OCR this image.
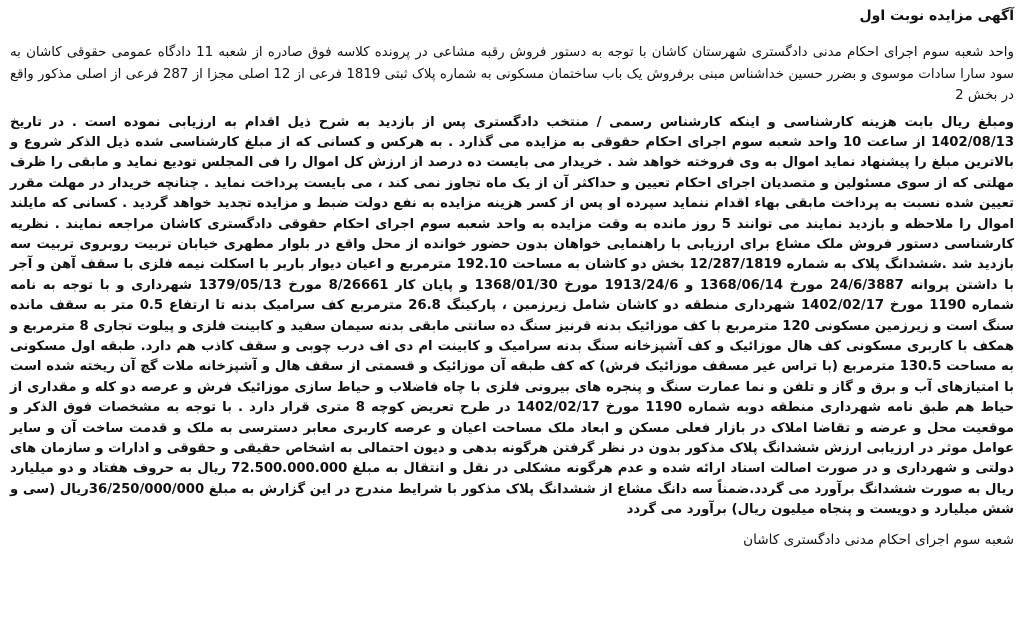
آگهی مزایده نوبت اول

واحد شعبه سوم اجرای احکام مدنی دادگستری شهرستان کاشان با توجه به دستور فروش رقبه مشاعی در پرونده کلاسه فوق صادره از شعبه 11 دادگاه عمومی حقوقی کاشان به سود سارا سادات موسوی و بضرر حسین خداشناس مبنی برفروش یک باب ساختمان مسکونی به شماره پلاک ثبتی 1819 فرعی از 12 اصلی مجزا از 287 فرعی از اصلی مذکور واقع در بخش 2

ومبلغ ریال بابت هزینه کارشناسی و اینکه کارشناس رسمی / منتخب دادگستری پس از بازدید به شرح ذیل اقدام به ارزیابی نموده است . در تاریخ 1402/08/13 از ساعت 10 واحد شعبه سوم اجرای احکام حقوقی به مزایده می گذارد . به هرکس و کسانی که از مبلغ کارشناسی شده ذیل الذکر شروع و بالاترین مبلغ را پیشنهاد نماید اموال به وی فروخته خواهد شد . خریدار می بایست ده درصد از ارزش کل اموال را فی المجلس تودیع نماید و مابقی را ظرف مهلتی که از سوی مسئولین و متصدیان اجرای احکام تعیین و حداکثر آن از یک ماه تجاوز نمی کند ، می بایست پرداخت نماید . چنانچه خریدار در مهلت مقرر تعیین شده نسبت به پرداخت مابقی بهاء اقدام ننماید سپرده او پس از کسر هزینه مزایده به نفع دولت ضبط و مزایده تجدید خواهد گردید . کسانی که مایلند اموال را ملاحظه و بازدید نمایند می توانند 5 روز مانده به وقت مزایده به واحد شعبه سوم اجرای احکام حقوقی دادگستری کاشان مراجعه نمایند . نظریه کارشناسی دستور فروش ملک مشاع برای ارزیابی با راهنمایی خواهان بدون حضور خوانده از محل واقع در بلوار مطهری خیابان تربیت روبروی تربیت سه بازدید شد .ششدانگ پلاک به شماره 12/287/1819 بخش دو کاشان به مساحت 192.10 مترمربع و اعیان دیوار باربر با اسکلت نیمه فلزی با سقف آهن و آجر با داشتن پروانه 24/6/3887 مورخ 1368/06/14 و 1913/24/6 مورخ 1368/01/30 و پایان کار 8/26661 مورخ 1379/05/13 شهرداری و با توجه به نامه شماره 1190 مورخ 1402/02/17 شهرداری منطقه دو کاشان شامل زیرزمین ، پارکینگ 26.8 مترمربع کف سرامیک بدنه تا ارتفاع 0.5 متر به سقف مانده سنگ است و زیرزمین مسکونی 120 مترمربع با کف موزائیک بدنه قرنیز سنگ ده سانتی مابقی بدنه سیمان سفید و کابینت فلزی و پیلوت تجاری 8 مترمربع و همکف با کاربری مسکونی کف هال موزائیک و کف آشپزخانه سنگ بدنه سرامیک و کابینت ام دی اف درب چوبی و سقف کاذب هم دارد. طبقه اول مسکونی به مساحت 130.5 مترمربع (با تراس غیر مسقف موزائیک فرش) که کف طبقه آن موزائیک و قسمتی از سقف هال و آشپزخانه ملات گچ آن ریخته شده است با امتیازهای آب و برق و گاز و تلفن و نما عمارت سنگ و پنجره های بیرونی فلزی با چاه فاضلاب و حیاط سازی موزائیک فرش و عرصه دو کله و مقداری از حیاط هم طبق نامه شهرداری منطقه دوبه شماره 1190 مورخ 1402/02/17 در طرح تعریض کوچه 8 متری قرار دارد . با توجه به مشخصات فوق الذکر و موقعیت محل و عرضه و تقاضا املاک در بازار فعلی مسکن و ابعاد ملک مساحت اعیان و عرصه کاربری معابر دسترسی به ملک و قدمت ساخت آن و سایر عوامل موثر در ارزیابی ارزش ششدانگ پلاک مذکور بدون در نظر گرفتن هرگونه بدهی و دیون احتمالی به اشخاص حقیقی و حقوقی و ادارات و سازمان های دولتی و شهرداری و در صورت اصالت اسناد ارائه شده و عدم هرگونه مشکلی در نقل و انتقال به مبلغ 72.500.000.000 ریال به حروف هفتاد و دو میلیارد ریال به صورت ششدانگ برآورد می گردد.ضمناً سه دانگ مشاع از ششدانگ پلاک مذکور با شرایط مندرج در این گزارش به مبلغ 36/250/000/000ریال (سی و شش میلیارد و دویست و پنجاه میلیون ریال) برآورد می گردد

شعبه سوم اجرای احکام مدنی دادگستری کاشان
